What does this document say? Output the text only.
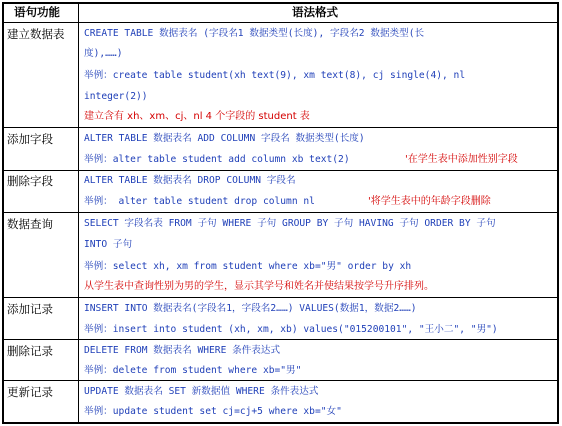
语句功能	语法格式
建立数据表 CREATE TABLE 数据表名 (字段名1 数据类型(长度), 字段名2 数据类型(长
度),……)
举例：create table student(xh text(9), xm text(8), cj single(4), nl
integer(2))
建立含有 xh、xm、cj、nl 4 个字段的 student 表
添加字段	ALTER TABLE 数据表名 ADD COLUMN 字段名 数据类型(长度)
举例：alter table student add column xb text(2)	'在学生表中添加性别字段
删除字段	ALTER TABLE 数据表名 DROP COLUMN 字段名
举例： alter table student drop column nl	'将学生表中的年龄字段删除
数据查询	SELECT 字段名表 FROM 子句 WHERE 子句 GROUP BY 子句 HAVING 子句 ORDER BY 子句
INTO 子句
举例：select xh, xm from student where xb="男" order by xh
从学生表中查询性别为男的学生，显示其学号和姓名并使结果按学号升序排列。
添加记录	INSERT INTO 数据表名(字段名1，字段名2……) VALUES(数据1，数据2……)
举例：insert into student (xh, xm, xb) values("015200101", "王小二", "男")
删除记录	DELETE FROM 数据表名 WHERE 条件表达式
举例：delete from student where xb="男"
更新记录	UPDATE 数据表名 SET 新数据值 WHERE 条件表达式
举例：update student set cj=cj+5 where xb="女"
